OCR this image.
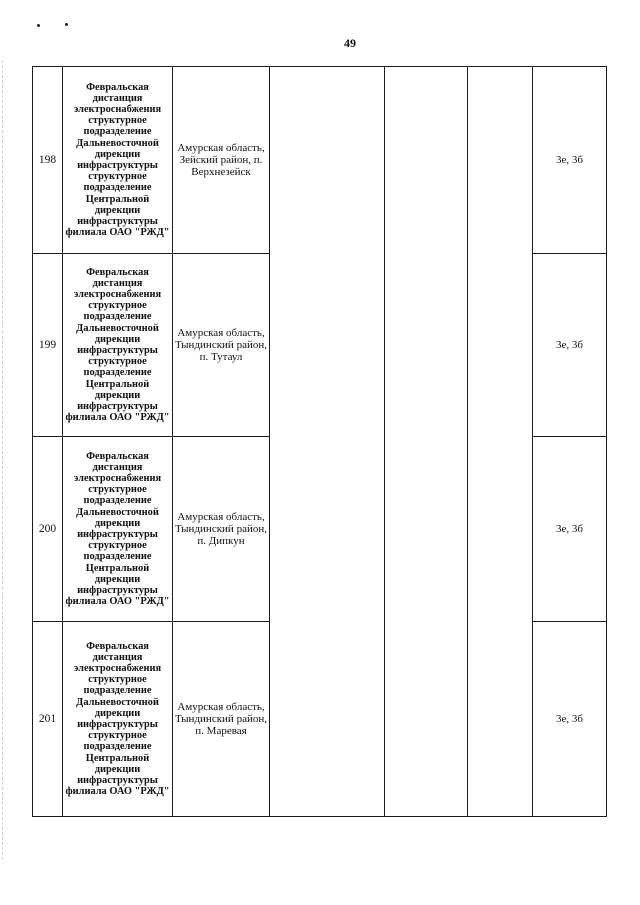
49
198	Февральская дистанция электроснабжения структурное подразделение Дальневосточной дирекции инфраструктуры структурное подразделение Центральной дирекции инфраструктуры филиала ОАО "РЖД"	Амурская область, Зейский район, п. Верхнезейск				3е, 3б
199	Февральская дистанция электроснабжения структурное подразделение Дальневосточной дирекции инфраструктуры структурное подразделение Центральной дирекции инфраструктуры филиала ОАО "РЖД"	Амурская область, Тындинский район, п. Тутаул				3е, 3б
200	Февральская дистанция электроснабжения структурное подразделение Дальневосточной дирекции инфраструктуры структурное подразделение Центральной дирекции инфраструктуры филиала ОАО "РЖД"	Амурская область, Тындинский район, п. Дипкун				3е, 3б
201	Февральская дистанция электроснабжения структурное подразделение Дальневосточной дирекции инфраструктуры структурное подразделение Центральной дирекции инфраструктуры филиала ОАО "РЖД"	Амурская область, Тындинский район, п. Маревая				3е, 3б
